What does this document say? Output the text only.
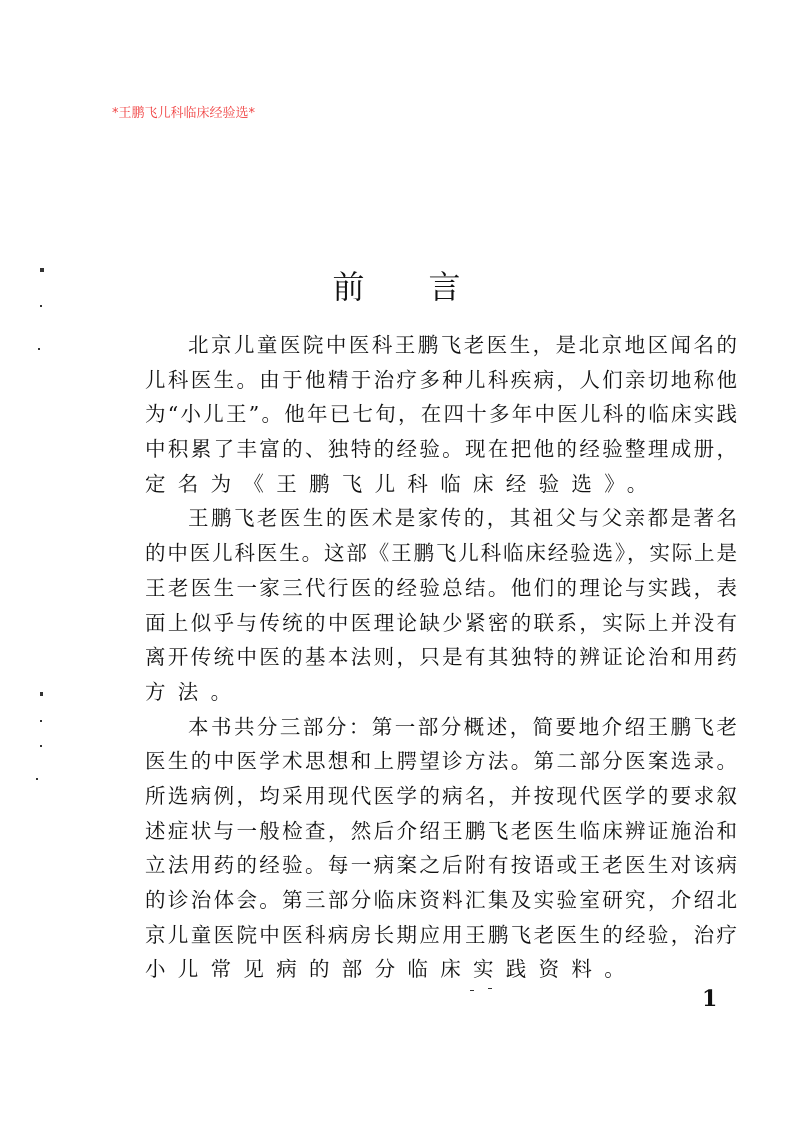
*王鹏飞儿科临床经验选*
前 言
北京儿童医院中医科王鹏飞老医生，是北京地区闻名的
儿科医生。由于他精于治疗多种儿科疾病，人们亲切地称他
为“小儿王”。他年已七旬，在四十多年中医儿科的临床实践
中积累了丰富的、独特的经验。现在把他的经验整理成册，
定名为《王鹏飞儿科临床经验选》。
王鹏飞老医生的医术是家传的，其祖父与父亲都是著名
的中医儿科医生。这部《王鹏飞儿科临床经验选》，实际上是
王老医生一家三代行医的经验总结。他们的理论与实践，表
面上似乎与传统的中医理论缺少紧密的联系，实际上并没有
离开传统中医的基本法则，只是有其独特的辨证论治和用药
方法。
本书共分三部分：第一部分概述，简要地介绍王鹏飞老
医生的中医学术思想和上腭望诊方法。第二部分医案选录。
所选病例，均采用现代医学的病名，并按现代医学的要求叙
述症状与一般检查，然后介绍王鹏飞老医生临床辨证施治和
立法用药的经验。每一病案之后附有按语或王老医生对该病
的诊治体会。第三部分临床资料汇集及实验室研究，介绍北
京儿童医院中医科病房长期应用王鹏飞老医生的经验，治疗
小儿常见病的部分临床实践资料。
1
